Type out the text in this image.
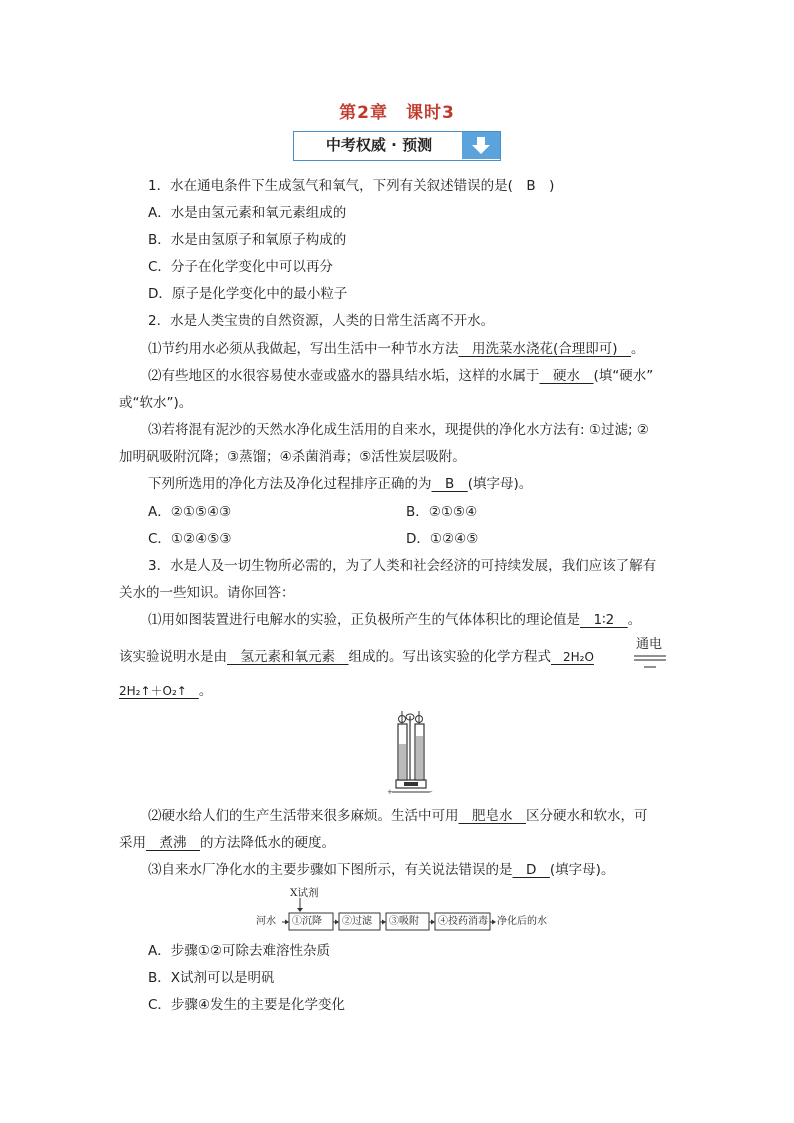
第2章　课时3
中考权威 · 预测
1．水在通电条件下生成氢气和氧气，下列有关叙述错误的是(　B　)
A．水是由氢元素和氧元素组成的
B．水是由氢原子和氧原子构成的
C．分子在化学变化中可以再分
D．原子是化学变化中的最小粒子
2．水是人类宝贵的自然资源，人类的日常生活离不开水。
⑴节约用水必须从我做起，写出生活中一种节水方法　用洗菜水浇花(合理即可)　。
⑵有些地区的水很容易使水壶或盛水的器具结水垢，这样的水属于　硬水　(填“硬水”
或“软水”)。
⑶若将混有泥沙的天然水净化成生活用的自来水，现提供的净化水方法有: ①过滤; ②
加明矾吸附沉降；③蒸馏；④杀菌消毒；⑤活性炭层吸附。
下列所选用的净化方法及净化过程排序正确的为　B　(填字母)。
A．②①⑤④③	B．②①⑤④
C．①②④⑤③	D．①②④⑤
3．水是人及一切生物所必需的，为了人类和社会经济的可持续发展，我们应该了解有
关水的一些知识。请你回答：
⑴用如图装置进行电解水的实验，正负极所产生的气体体积比的理论值是　1∶2　。
该实验说明水是由　氢元素和氧元素　组成的。写出该实验的化学方程式　2H₂O
通电
2H₂↑＋O₂↑　。
+	-
⑵硬水给人们的生产生活带来很多麻烦。生活中可用　肥皂水　区分硬水和软水，可
采用　煮沸　的方法降低水的硬度。
⑶自来水厂净化水的主要步骤如下图所示，有关说法错误的是　D　(填字母)。
X试剂
河水 ①沉降 ②过滤 ③吸附 ④投药消毒 净化后的水
A．步骤①②可除去难溶性杂质
B．X试剂可以是明矾
C．步骤④发生的主要是化学变化
